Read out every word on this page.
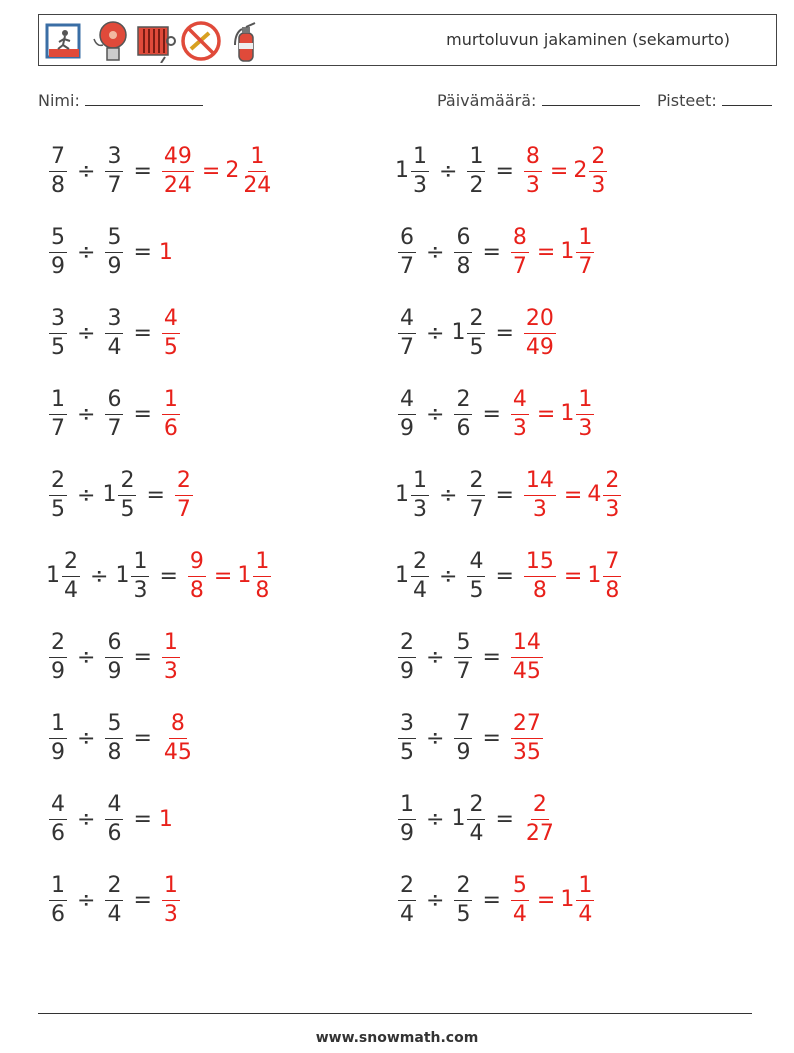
murtoluvun jakaminen (sekamurto)
Nimi:	Päivämäärä:	Pisteet:
$\frac{7}{8} \div \frac{3}{7} = \frac{49}{24} = 2 \frac{1}{24}$	$1 \frac{1}{3} \div \frac{1}{2} = \frac{8}{3} = 2 \frac{2}{3}$
$\frac{5}{9} \div \frac{5}{9} = 1$	$\frac{6}{7} \div \frac{6}{8} = \frac{8}{7} = 1 \frac{1}{7}$
$\frac{3}{5} \div \frac{3}{4} = \frac{4}{5}$	$\frac{4}{7} \div 1 \frac{2}{5} = \frac{20}{49}$
$\frac{1}{7} \div \frac{6}{7} = \frac{1}{6}$	$\frac{4}{9} \div \frac{2}{6} = \frac{4}{3} = 1 \frac{1}{3}$
$\frac{2}{5} \div 1 \frac{2}{5} = \frac{2}{7}$	$1 \frac{1}{3} \div \frac{2}{7} = \frac{14}{3} = 4 \frac{2}{3}$
$1 \frac{2}{4} \div 1 \frac{1}{3} = \frac{9}{8} = 1 \frac{1}{8}$	$1 \frac{2}{4} \div \frac{4}{5} = \frac{15}{8} = 1 \frac{7}{8}$
$\frac{2}{9} \div \frac{6}{9} = \frac{1}{3}$	$\frac{2}{9} \div \frac{5}{7} = \frac{14}{45}$
$\frac{1}{9} \div \frac{5}{8} = \frac{8}{45}$	$\frac{3}{5} \div \frac{7}{9} = \frac{27}{35}$
$\frac{4}{6} \div \frac{4}{6} = 1$	$\frac{1}{9} \div 1 \frac{2}{4} = \frac{2}{27}$
$\frac{1}{6} \div \frac{2}{4} = \frac{1}{3}$	$\frac{2}{4} \div \frac{2}{5} = \frac{5}{4} = 1 \frac{1}{4}$
www.snowmath.com
